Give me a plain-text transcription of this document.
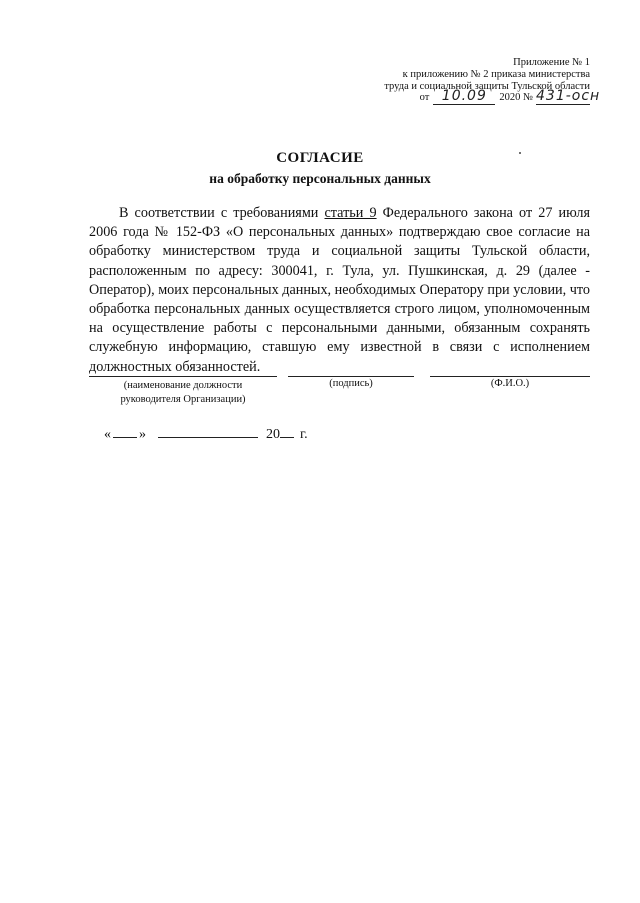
Приложение № 1
к приложению № 2 приказа министерства
труда и социальной защиты Тульской области
от 10.09	2020 № 431-осн
СОГЛАСИЕ
на обработку персональных данных

В соответствии с требованиями статьи 9 Федерального закона от 27 июля 2006 года № 152-ФЗ «О персональных данных» подтверждаю свое согласие на обработку министерством труда и социальной защиты Тульской области, расположенным по адресу: 300041, г. Тула, ул. Пушкинская, д. 29 (далее - Оператор), моих персональных данных, необходимых Оператору при условии, что обработка персональных данных осуществляется строго лицом, уполномоченным на осуществление работы с персональными данными, обязанным сохранять служебную информацию, ставшую ему известной в связи с исполнением должностных обязанностей.

(наименование должности
руководителя Организации)
(подпись)	(Ф.И.О.)
« »	20 г.
